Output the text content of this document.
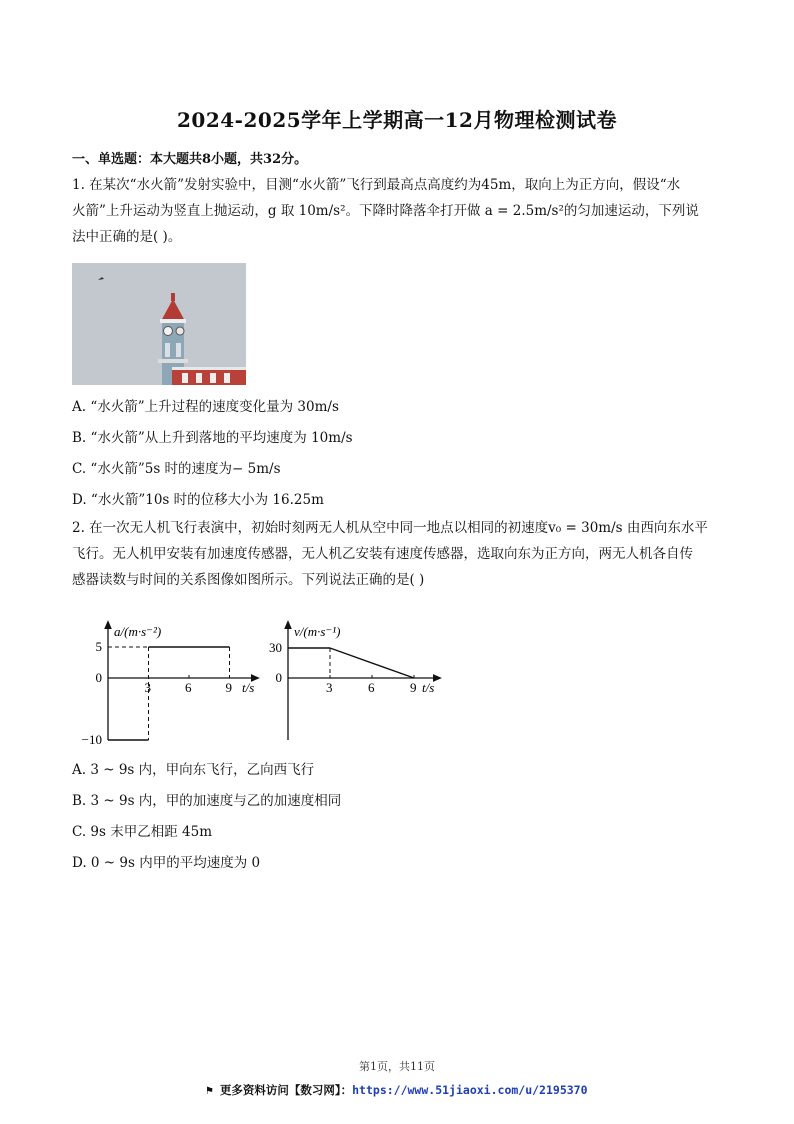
2024-2025学年上学期高一12月物理检测试卷
一、单选题：本大题共8小题，共32分。
1. 在某次“水火箭”发射实验中，目测“水火箭”飞行到最高点高度约为45m，取向上为正方向，假设“水
火箭”上升运动为竖直上抛运动，g 取 10m/s²。下降时降落伞打开做 a = 2.5m/s²的匀加速运动，下列说
法中正确的是( )。
A. “水火箭”上升过程的速度变化量为 30m/s
B. “水火箭”从上升到落地的平均速度为 10m/s
C. “水火箭”5s 时的速度为− 5m/s
D. “水火箭”10s 时的位移大小为 16.25m
2. 在一次无人机飞行表演中，初始时刻两无人机从空中同一地点以相同的初速度v₀ = 30m/s 由西向东水平
飞行。无人机甲安装有加速度传感器，无人机乙安装有速度传感器，选取向东为正方向，两无人机各自传
感器读数与时间的关系图像如图所示。下列说法正确的是( )
a/(m·s⁻²)
t/s
3	6	9
5
0
−10
v/(m·s⁻¹)
t/s
3	6	9
30
0
A. 3 ~ 9s 内，甲向东飞行，乙向西飞行
B. 3 ~ 9s 内，甲的加速度与乙的加速度相同
C. 9s 末甲乙相距 45m
D. 0 ~ 9s 内甲的平均速度为 0
第1页，共11页
⚑ 更多资料访问【数习网】：https://www.51jiaoxi.com/u/2195370
